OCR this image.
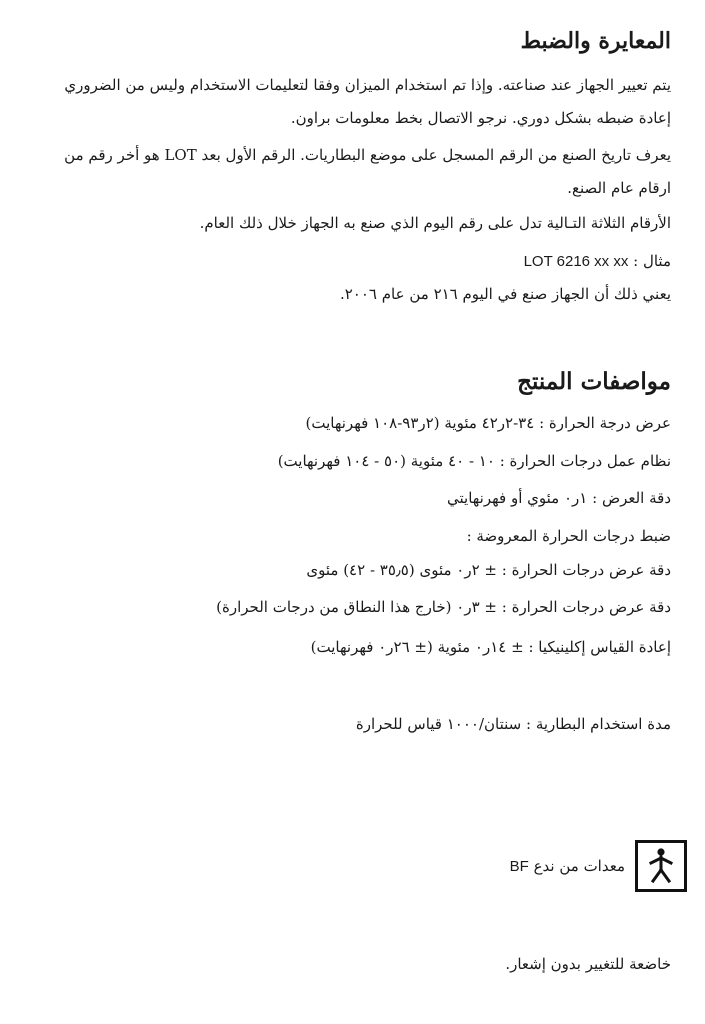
المعايرة والضبط
يتم تعيير الجهاز عند صناعته. وإذا تم استخدام الميزان وفقا لتعليمات الاستخدام وليس من الضروري إعادة ضبطه بشكل دوري. نرجو الاتصال بخط معلومات براون.
يعرف تاريخ الصنع من الرقم المسجل على موضع البطاريات. الرقم الأول بعد LOT هو أخر رقم من ارقام عام الصنع.
الأرقام الثلاثة التـالية تدل على رقم اليوم الذي صنع به الجهاز خلال ذلك العام.
مثال : LOT 6216 xx xx
يعني ذلك أن الجهاز صنع في اليوم ٢١٦ من عام ٢٠٠٦.
مواصفات المنتج
عرض درجة الحرارة : ٣٤-٢ر٤٢ مئوية (٢ر٩٣-١٠٨ فهرنهايت)
نظام عمل درجات الحرارة : ١٠ - ٤٠ مئوية (٥٠ - ١٠٤ فهرنهايت)
دقة العرض : ١ر٠ مئوي أو فهرنهايتي
ضبط درجات الحرارة المعروضة :
دقة عرض درجات الحرارة : ± ٢ر٠ مئوى (٣٥٫٥ - ٤٢) مئوى
دقة عرض درجات الحرارة : ± ٣ر٠ (خارج هذا النطاق من درجات الحرارة)
إعادة القياس إكلينيكيا : ± ١٤ر٠ مئوية (± ٢٦ر٠ فهرنهايت)
مدة استخدام البطارية : سنتان/١٠٠٠ قياس للحرارة
معدات من ندع BF
خاضعة للتغيير بدون إشعار.
